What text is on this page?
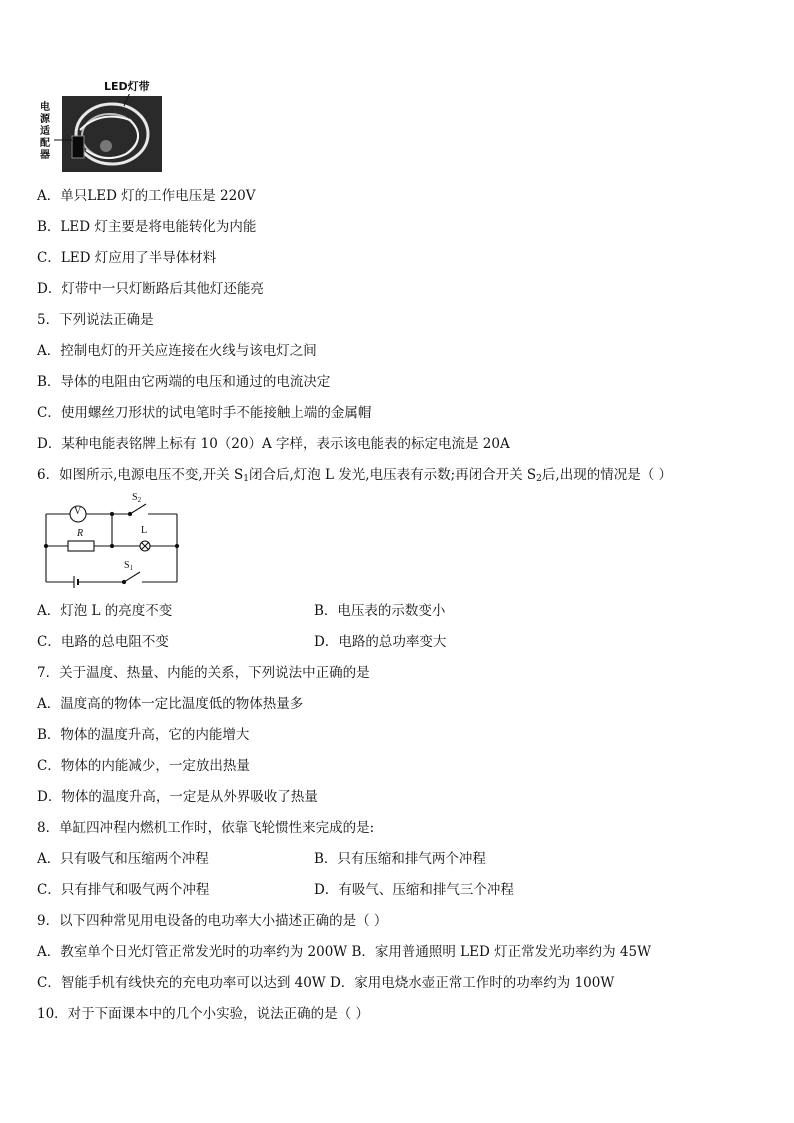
LED灯带
电
源
适
配
器
A．单只LED 灯的工作电压是 220V
B．LED 灯主要是将电能转化为内能
C．LED 灯应用了半导体材料
D．灯带中一只灯断路后其他灯还能亮
5．下列说法正确是
A．控制电灯的开关应连接在火线与该电灯之间
B．导体的电阻由它两端的电压和通过的电流决定
C．使用螺丝刀形状的试电笔时手不能接触上端的金属帽
D．某种电能表铭牌上标有 10（20）A 字样，表示该电能表的标定电流是 20A
6．如图所示,电源电压不变,开关 $S_1$闭合后,灯泡 L 发光,电压表有示数;再闭合开关 $S_2$后,出现的情况是（ ）
V
R	L
$S_2$
$S_1$
A．灯泡 L 的亮度不变	B．电压表的示数变小
C．电路的总电阻不变	D．电路的总功率变大
7．关于温度、热量、内能的关系，下列说法中正确的是
A．温度高的物体一定比温度低的物体热量多
B．物体的温度升高，它的内能增大
C．物体的内能减少，一定放出热量
D．物体的温度升高，一定是从外界吸收了热量
8．单缸四冲程内燃机工作时，依靠飞轮惯性来完成的是:
A．只有吸气和压缩两个冲程	B．只有压缩和排气两个冲程
C．只有排气和吸气两个冲程	D．有吸气、压缩和排气三个冲程
9．以下四种常见用电设备的电功率大小描述正确的是（ ）
A．教室单个日光灯管正常发光时的功率约为 200W B．家用普通照明 LED 灯正常发光功率约为 45W
C．智能手机有线快充的充电功率可以达到 40W D．家用电烧水壶正常工作时的功率约为 100W
10．对于下面课本中的几个小实验，说法正确的是（ ）
